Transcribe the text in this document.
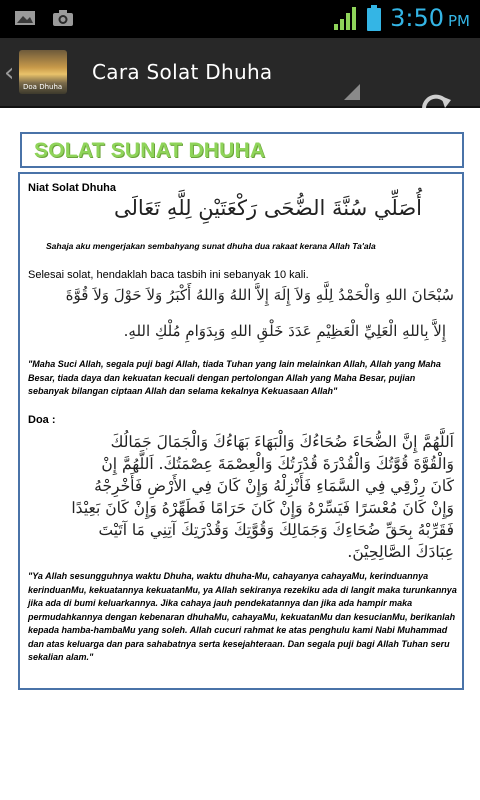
3:50 PM
‹ Doa Dhuha
Cara Solat Dhuha
SOLAT SUNAT DHUHA
Niat Solat Dhuha
أُصَلِّي سُنَّةَ الضُّحَى رَكْعَتَيْنِ لِلَّهِ تَعَالَى
Sahaja aku mengerjakan sembahyang sunat dhuha dua rakaat kerana Allah Ta'ala
Selesai solat, hendaklah baca tasbih ini sebanyak 10 kali.
سُبْحَانَ اللهِ وَالْحَمْدُ لِلَّهِ وَلاَ إِلَهَ إِلاَّ اللهُ وَاللهُ أَكْبَرُ وَلاَ حَوْلَ وَلاَ قُوَّةَ
إِلاَّ بِاللهِ الْعَلِيِّ الْعَظِيْمِ عَدَدَ خَلْقِ اللهِ وَبِدَوَامِ مُلْكِ اللهِ.
"Maha Suci Allah, segala puji bagi Allah, tiada Tuhan yang lain melainkan Allah, Allah yang Maha Besar, tiada daya dan kekuatan kecuali dengan pertolongan Allah yang Maha Besar, pujian sebanyak bilangan ciptaan Allah dan selama kekalnya Kekuasaan Allah"
Doa :
اَللَّهُمَّ إِنَّ الضُّحَاءَ ضُحَاءُكَ وَالْبَهَاءَ بَهَاءُكَ وَالْجَمَالَ جَمَالُكَ
وَالْقُوَّةَ قُوَّتُكَ وَالْقُدْرَةَ قُدْرَتُكَ وَالْعِصْمَةَ عِصْمَتُكَ. اَللَّهُمَّ إِنْ
كَانَ رِزْقِي فِي السَّمَاءِ فَأَنْزِلْهُ وَإِنْ كَانَ فِي الأَرْضِ فَأَخْرِجْهُ
وَإِنْ كَانَ مُعْسَرًا فَيَسِّرْهُ وَإِنْ كَانَ حَرَامًا فَطَهِّرْهُ وَإِنْ كَانَ بَعِيْدًا
فَقَرِّبْهُ بِحَقِّ ضُحَاءِكَ وَجَمَالِكَ وَقُوَّتِكَ وَقُدْرَتِكَ آتِنِي مَا آتَيْتَ
عِبَادَكَ الصَّالِحِيْنَ.
"Ya Allah sesungguhnya waktu Dhuha, waktu dhuha-Mu, cahayanya cahayaMu, kerinduannya kerinduanMu, kekuatannya kekuatanMu, ya Allah sekiranya rezekiku ada di langit maka turunkannya jika ada di bumi keluarkannya. Jika cahaya jauh pendekatannya dan jika ada hampir maka permudahkannya dengan kebenaran dhuhaMu, cahayaMu, kekuatanMu dan kesucianMu, berikanlah kepada hamba-hambaMu yang soleh. Allah cucuri rahmat ke atas penghulu kami Nabi Muhammad dan atas keluarga dan para sahabatnya serta kesejahteraan. Dan segala puji bagi Allah Tuhan seru sekalian alam."
